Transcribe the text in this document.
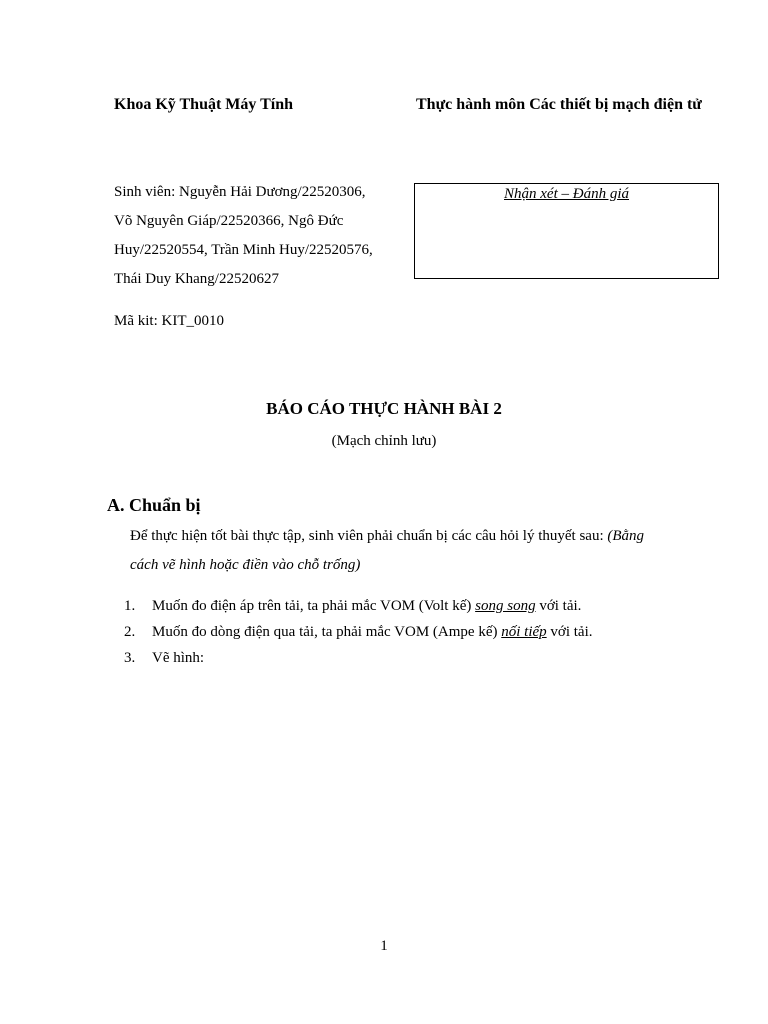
Khoa Kỹ Thuật Máy Tính	Thực hành môn Các thiết bị mạch điện tử
Sinh viên: Nguyễn Hải Dương/22520306,
Võ Nguyên Giáp/22520366, Ngô Đức
Huy/22520554, Trần Minh Huy/22520576,
Thái Duy Khang/22520627
Mã kit: KIT_0010
Nhận xét – Đánh giá
BÁO CÁO THỰC HÀNH BÀI 2
(Mạch chỉnh lưu)
A. Chuẩn bị
Để thực hiện tốt bài thực tập, sinh viên phải chuẩn bị các câu hỏi lý thuyết sau: (Bằng
cách vẽ hình hoặc điền vào chỗ trống)
1. Muốn đo điện áp trên tải, ta phải mắc VOM (Volt kế) song song với tải.
2. Muốn đo dòng điện qua tải, ta phải mắc VOM (Ampe kế) nối tiếp với tải.
3. Vẽ hình:
1
